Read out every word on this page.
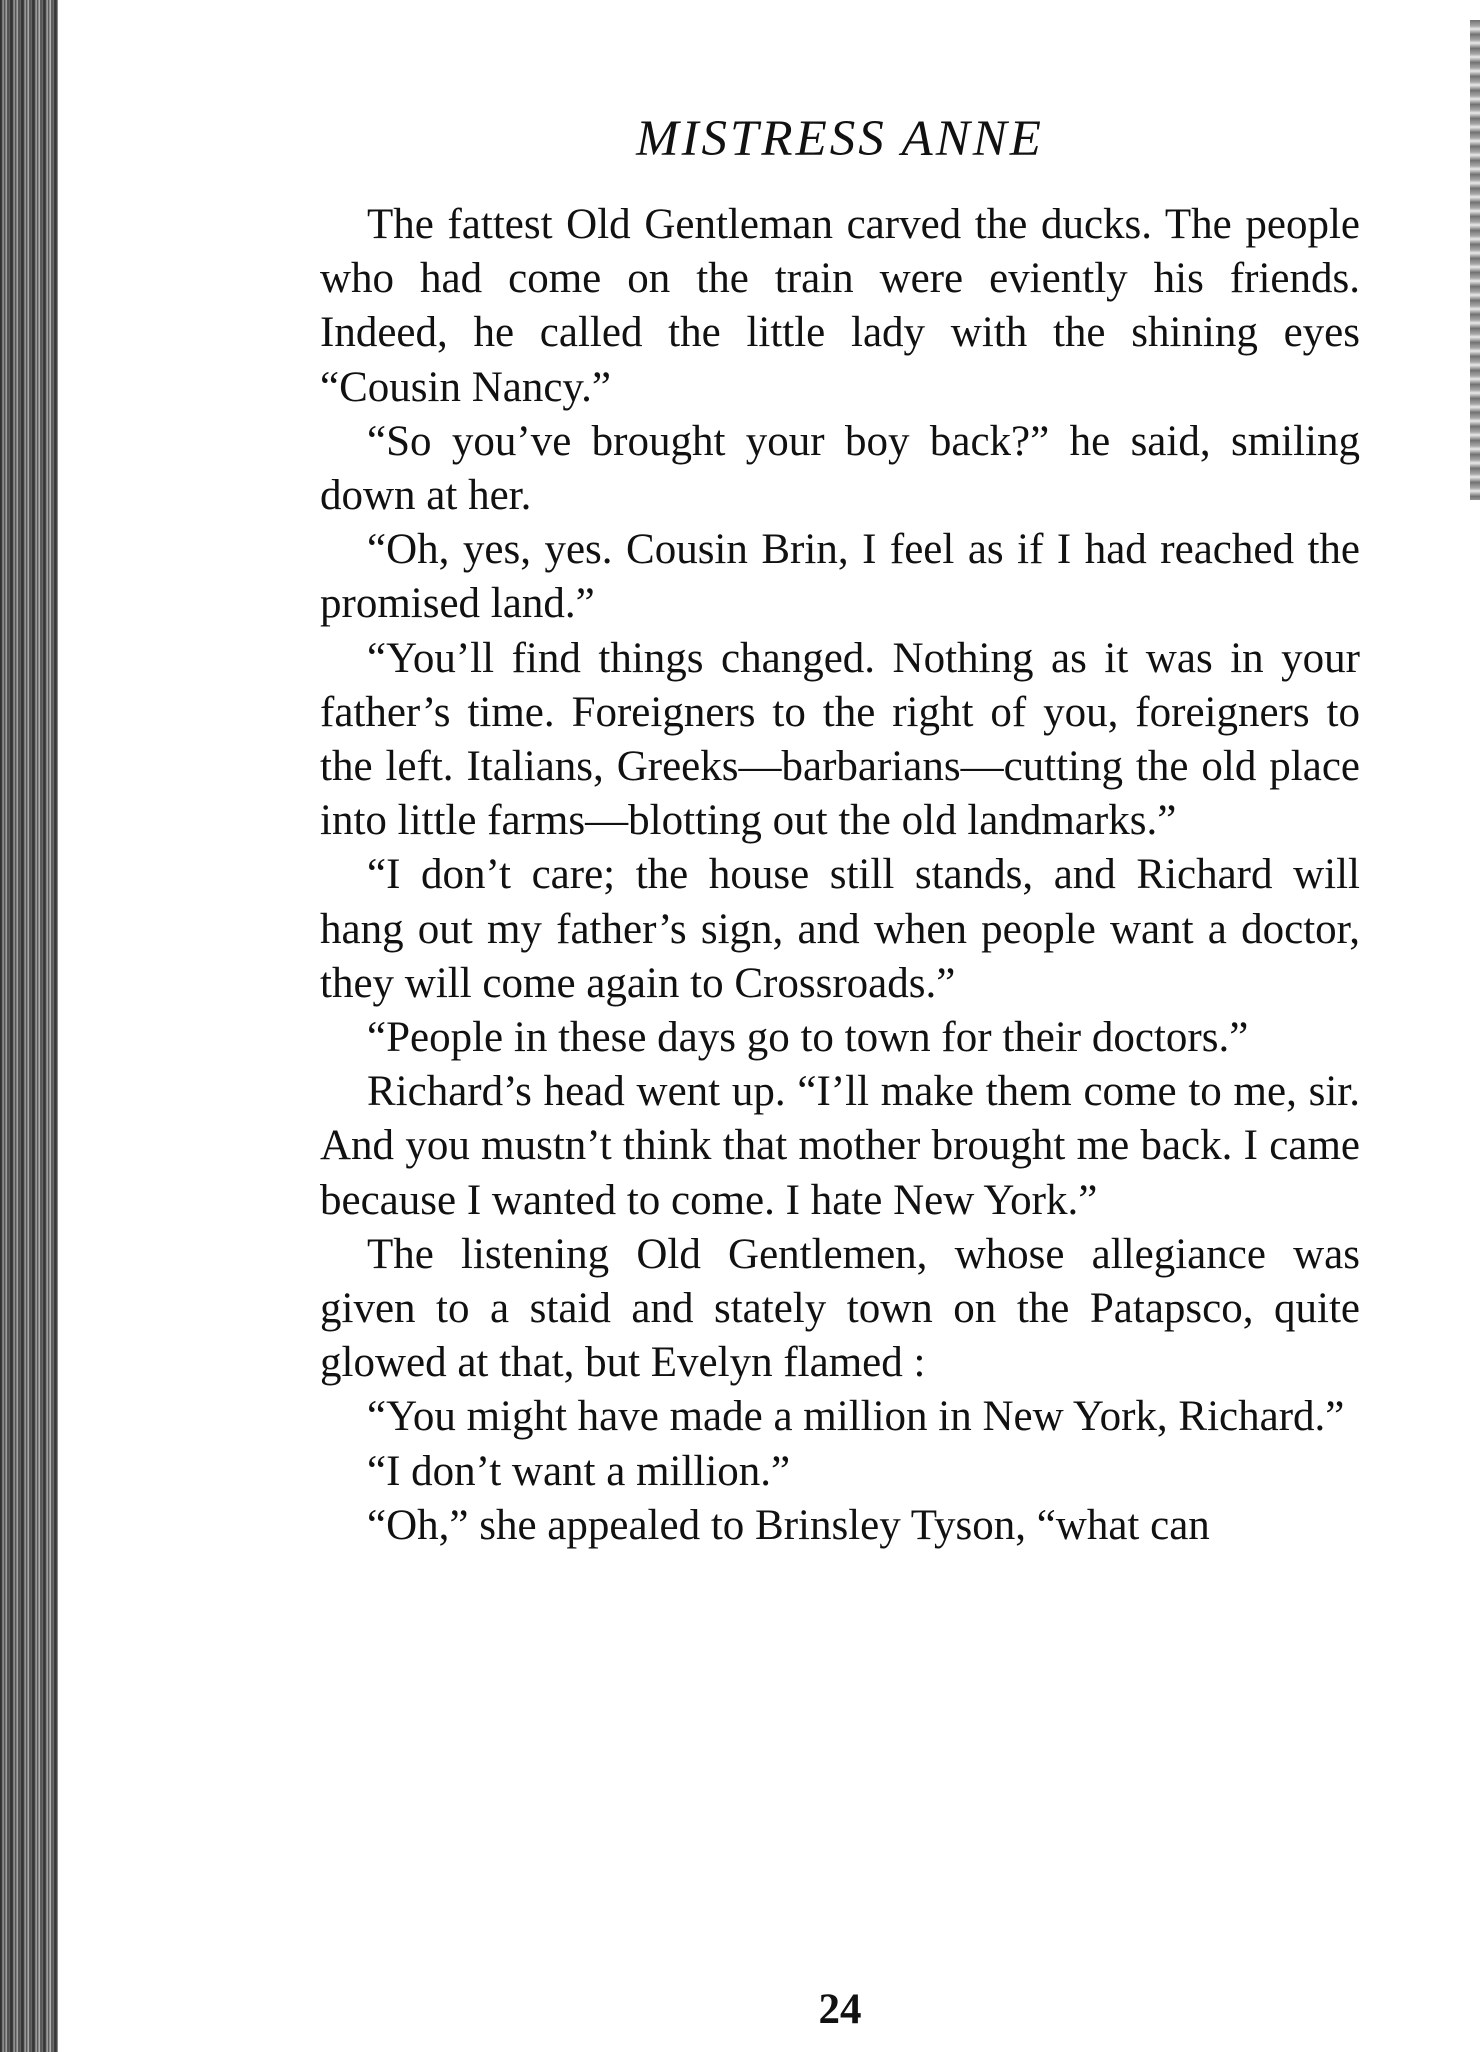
MISTRESS ANNE

The fattest Old Gentleman carved the ducks. The people who had come on the train were eviently his friends. Indeed, he called the little lady with the shining eyes “Cousin Nancy.”

“So you’ve brought your boy back?” he said, smiling down at her.

“Oh, yes, yes. Cousin Brin, I feel as if I had reached the promised land.”

“You’ll find things changed. Nothing as it was in your father’s time. Foreigners to the right of you, foreigners to the left. Italians, Greeks—barbarians—cutting the old place into little farms—blotting out the old landmarks.”

“I don’t care; the house still stands, and Richard will hang out my father’s sign, and when people want a doctor, they will come again to Crossroads.”

“People in these days go to town for their doctors.”

Richard’s head went up. “I’ll make them come to me, sir. And you mustn’t think that mother brought me back. I came because I wanted to come. I hate New York.”

The listening Old Gentlemen, whose allegiance was given to a staid and stately town on the Patapsco, quite glowed at that, but Evelyn flamed :

“You might have made a million in New York, Richard.”

“I don’t want a million.”

“Oh,” she appealed to Brinsley Tyson, “what can

24
